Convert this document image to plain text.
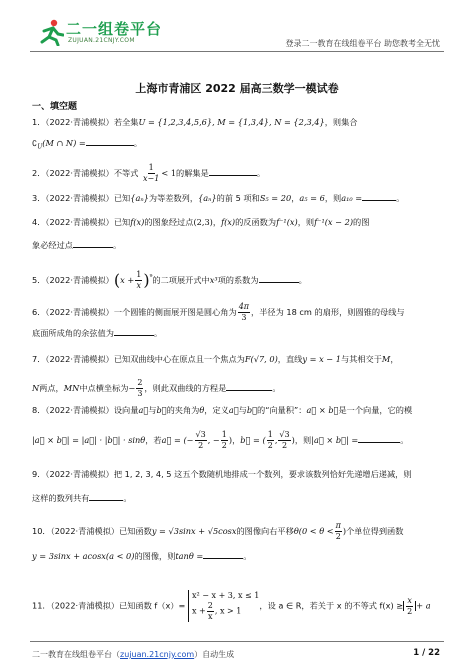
二一组卷平台
ZUJUAN.21CNJY.COM	登录二一教育在线组卷平台 助您教考全无忧
上海市青浦区 2022 届高三数学一模试卷
一、填空题
1．（2022·青浦模拟）若全集U = {1,2,3,4,5,6}, M = {1,3,4}, N = {2,3,4}，则集合
$∁_U(M$ ∩ N) =	。
2．（2022·青浦模拟）不等式 $\frac{1}{x-1} < 1$的解集是	。
3．（2022·青浦模拟）已知{aₙ}为等差数列，{aₙ}的前 5 项和S₅ = 20，a₅ = 6，则a₁₀ =	。
4．（2022·青浦模拟）已知f(x)的图象经过点(2,3)，f(x)的反函数为f⁻¹(x)，则f⁻¹(x − 2)的图
象必经过点	。
5．（2022·青浦模拟）$(x + \frac{1}{x} )^9$的二项展开式中x³项的系数为	。
6．（2022·青浦模拟）一个圆锥的侧面展开图是圆心角为 $\frac{4\pi}{3}$ ，半径为 18 cm 的扇形，则圆锥的母线与
底面所成角的余弦值为	。
7．（2022·青浦模拟）已知双曲线中心在原点且一个焦点为F(√7, 0)，直线y = x − 1与其相交于M，
N两点，MN中点横坐标为− $\frac{2}{3}$ ，则此双曲线的方程是	。
8．（2022·青浦模拟）设向量a⃗与b⃗的夹角为θ，定义a⃗与b⃗的“向量积”：a⃗ × b⃗是一个向量，它的模
|a⃗ × b⃗| = |a⃗| · |b⃗| · sinθ，若a⃗ = (− $\frac{√3}{2}$ , − $\frac{1}{2}$ )，b⃗ = ( $\frac{1}{2}$ , $\frac{√3}{2}$ )，则|a⃗ × b⃗| =	。
9．（2022·青浦模拟）把 1, 2, 3, 4, 5 这五个数随机地排成一个数列，要求该数列恰好先递增后递减，则
这样的数列共有	。
10．（2022·青浦模拟）已知函数y = √3sinx + √5cosx的图像向右平移$\theta(0 < \theta < \frac{\pi}{2}$ )个单位得到函数
y = 3sinx + acosx(a < 0)的图像，则tanθ =	。
11．（2022·青浦模拟）已知函数 f（x）=
x² − x + 3, x ≤ 1
$x + \frac{2}{x}$ , x > 1
，设 a ∈ R，若关于 x 的不等式 $f(x) \ge \frac{x}{2} + a$
二一教育在线组卷平台（zujuan.21cnjy.com）自动生成	1 / 22
